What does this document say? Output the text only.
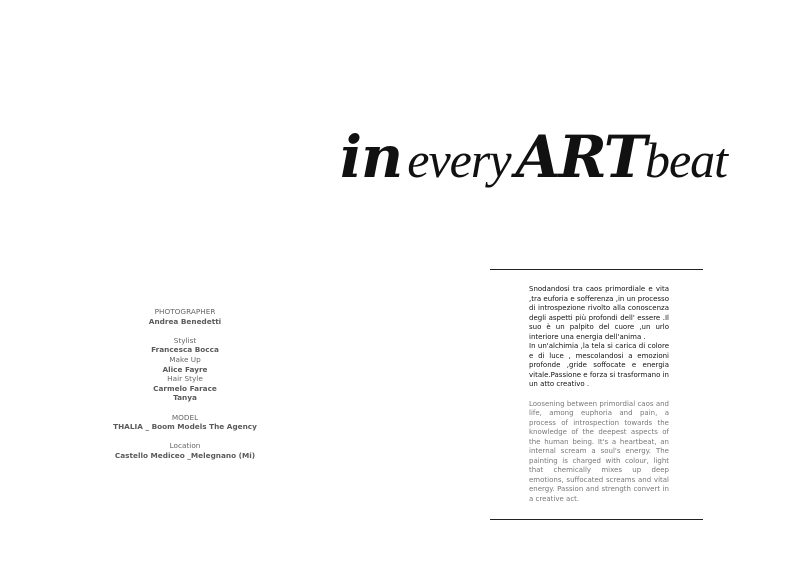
in every ARTbeat
PHOTOGRAPHER
Andrea Benedetti
Stylist
Francesca Bocca
Make Up
Alice Fayre
Hair Style
Carmelo Farace
Tanya
MODEL
THALIA _ Boom Models The Agency
Location
Castello Mediceo _Melegnano (Mi)

Snodandosi tra caos primordiale e vita ,tra euforia e sofferenza ,in un processo di introspezione rivolto alla conoscenza degli aspetti più profondi dell' essere .Il suo è un palpito del cuore ,un urlo interiore una energia dell'anima .

In un'alchimia ,la tela si carica di colore e di luce , mescolandosi a emozioni profonde ,gride soffocate e energia vitale.Passione e forza si trasformano in un atto creativo .

Loosening between primordial caos and life, among euphoria and pain, a process of introspection towards the knowledge of the deepest aspects of the human being. It's a heartbeat, an internal scream a soul's energy. The painting is charged with colour, light that chemically mixes up deep emotions, suffocated screams and vital energy. Passion and strength convert in a creative act.
